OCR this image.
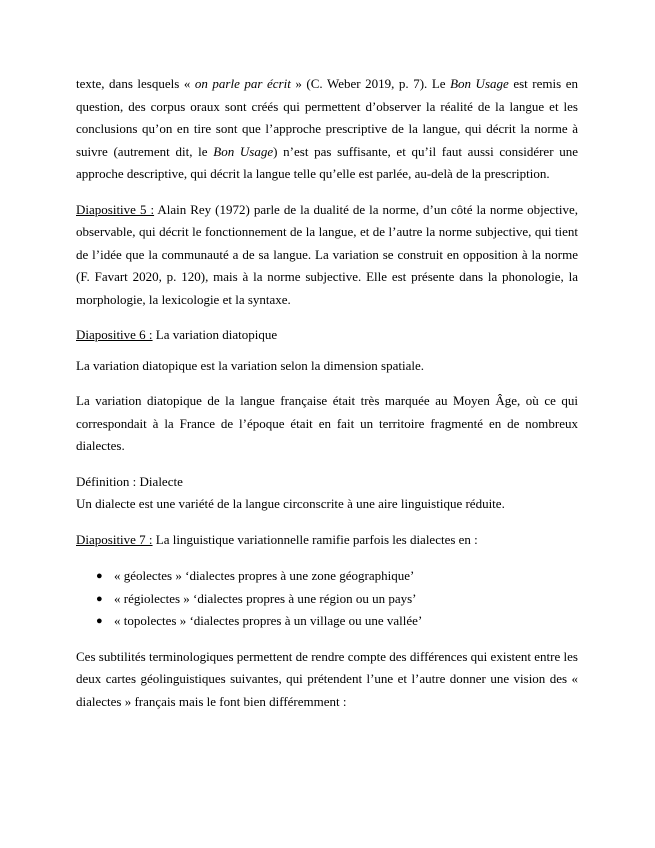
texte, dans lesquels « on parle par écrit » (C. Weber 2019, p. 7). Le Bon Usage est remis en question, des corpus oraux sont créés qui permettent d’observer la réalité de la langue et les conclusions qu’on en tire sont que l’approche prescriptive de la langue, qui décrit la norme à suivre (autrement dit, le Bon Usage) n’est pas suffisante, et qu’il faut aussi considérer une approche descriptive, qui décrit la langue telle qu’elle est parlée, au-delà de la prescription.

Diapositive 5 : Alain Rey (1972) parle de la dualité de la norme, d’un côté la norme objective, observable, qui décrit le fonctionnement de la langue, et de l’autre la norme subjective, qui tient de l’idée que la communauté a de sa langue. La variation se construit en opposition à la norme (F. Favart 2020, p. 120), mais à la norme subjective. Elle est présente dans la phonologie, la morphologie, la lexicologie et la syntaxe.

Diapositive 6 : La variation diatopique

La variation diatopique est la variation selon la dimension spatiale.

La variation diatopique de la langue française était très marquée au Moyen Âge, où ce qui correspondait à la France de l’époque était en fait un territoire fragmenté en de nombreux dialectes.

Définition : Dialecte

Un dialecte est une variété de la langue circonscrite à une aire linguistique réduite.

Diapositive 7 : La linguistique variationnelle ramifie parfois les dialectes en :

● « géolectes » ‘dialectes propres à une zone géographique’
● « régiolectes » ‘dialectes propres à une région ou un pays’
● « topolectes » ‘dialectes propres à un village ou une vallée’

Ces subtilités terminologiques permettent de rendre compte des différences qui existent entre les deux cartes géolinguistiques suivantes, qui prétendent l’une et l’autre donner une vision des « dialectes » français mais le font bien différemment :
